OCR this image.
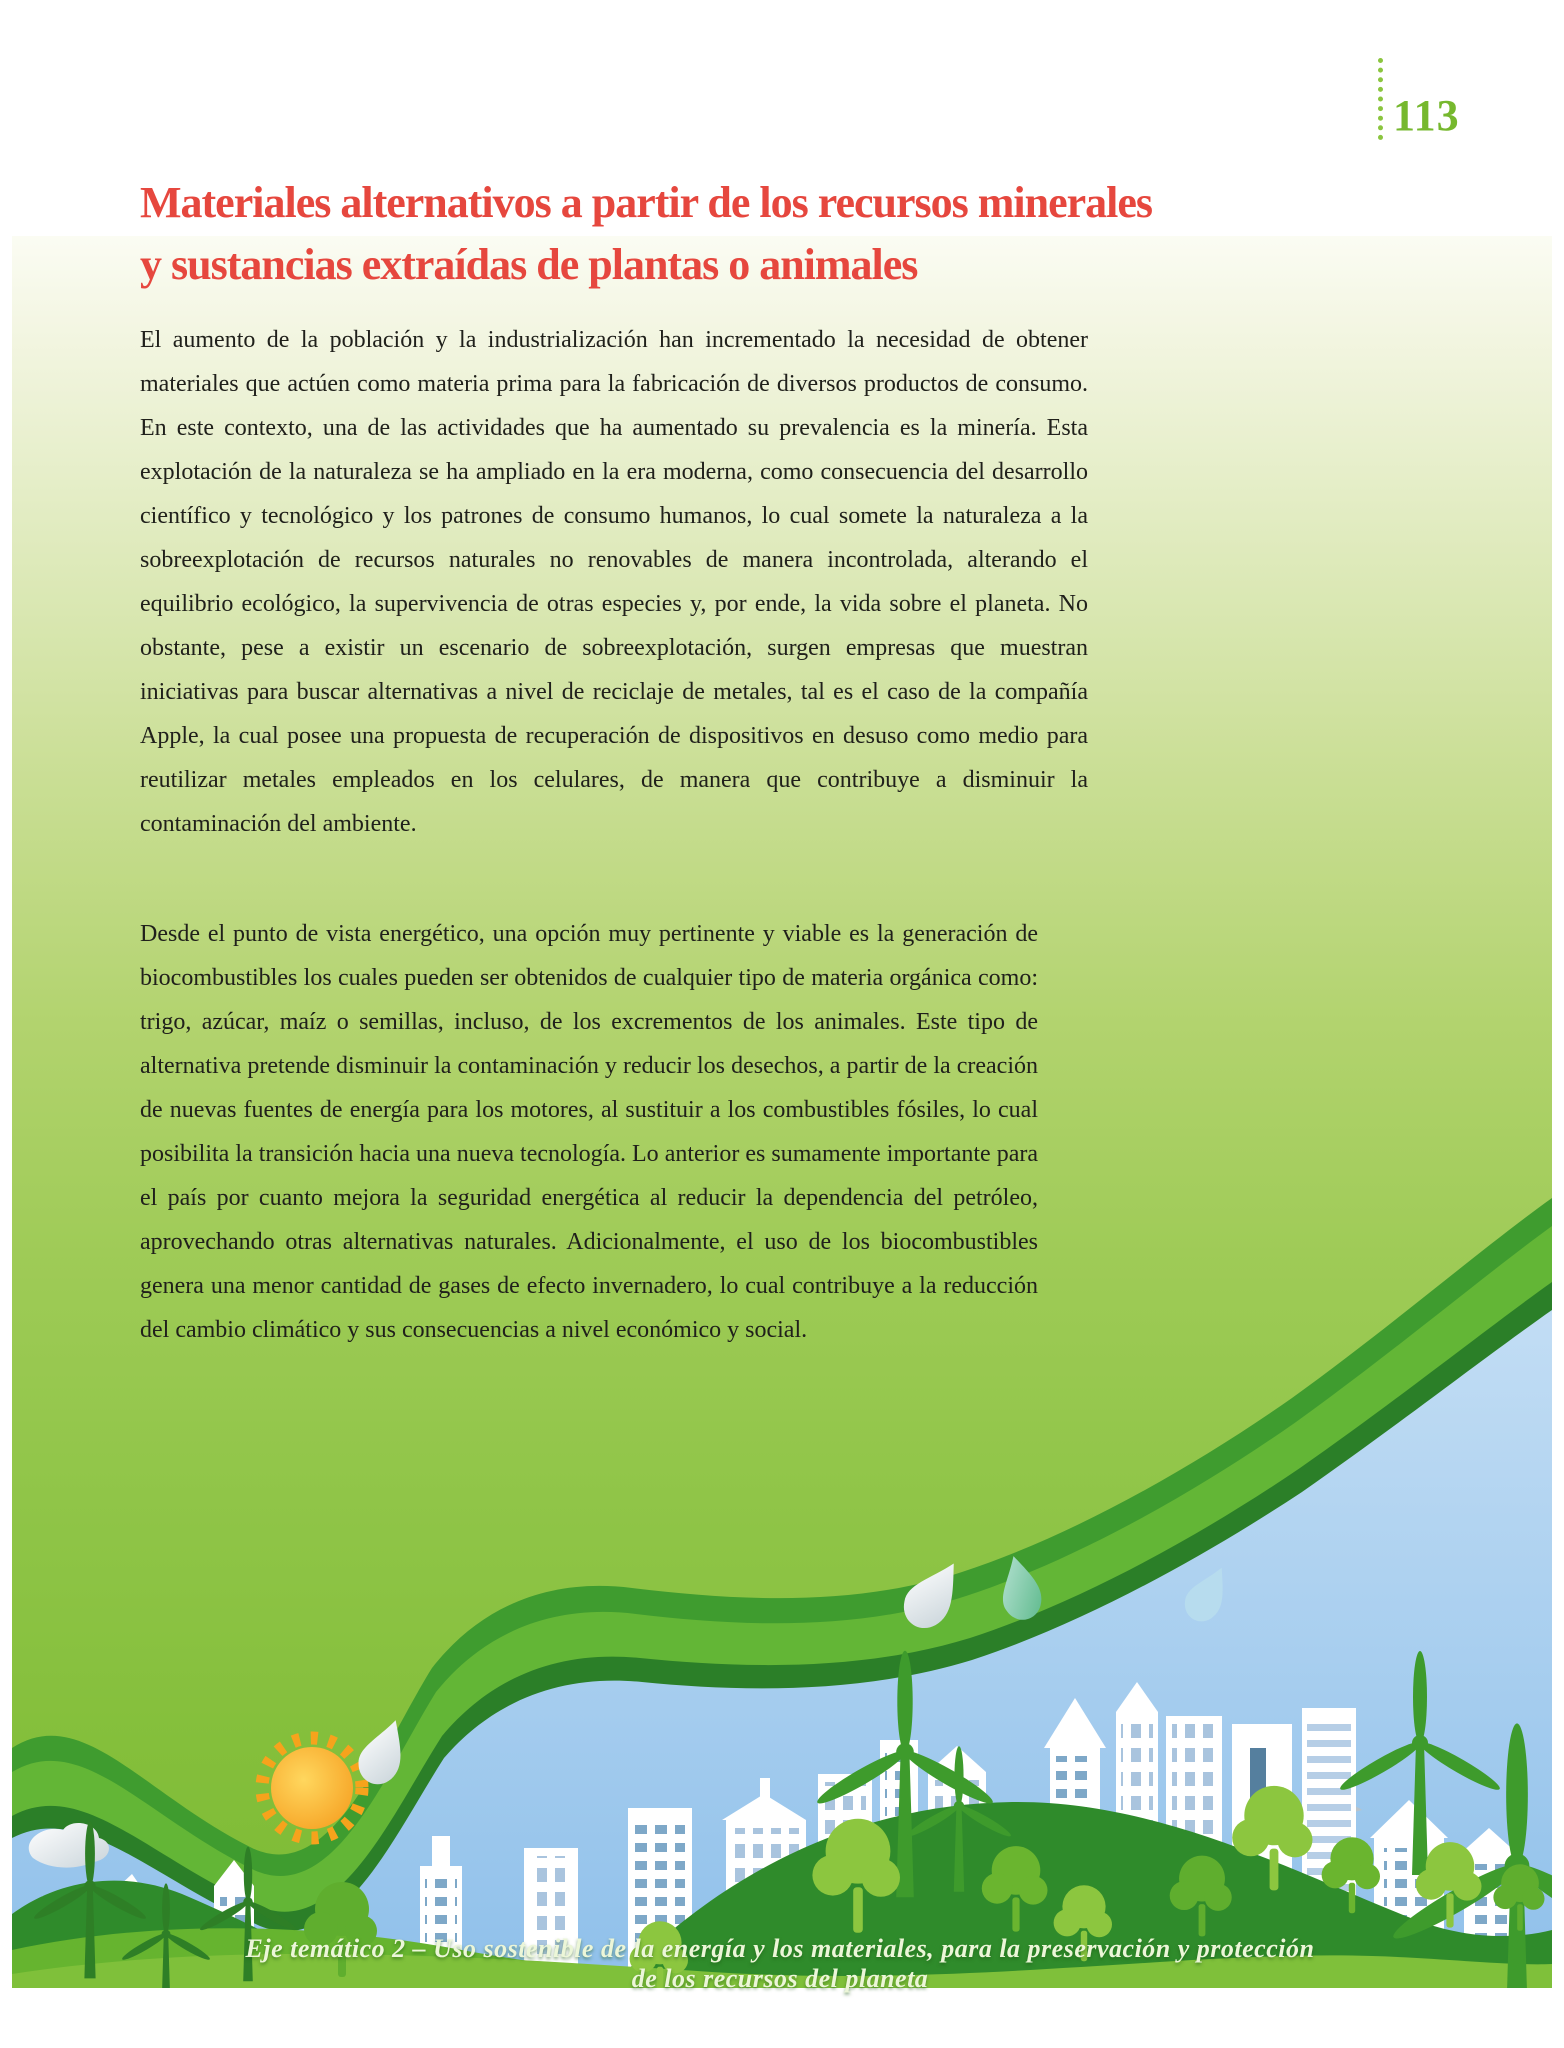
113
Materiales alternativos a partir de los recursos minerales
y sustancias extraídas de plantas o animales
El aumento de la población y la industrialización han incrementado la necesidad de obtener materiales que actúen como materia prima para la fabricación de diversos productos de consumo. En este contexto, una de las actividades que ha aumentado su prevalencia es la minería. Esta explotación de la naturaleza se ha ampliado en la era moderna, como consecuencia del desarrollo científico y tecnológico y los patrones de consumo humanos, lo cual somete la naturaleza a la sobreexplotación de recursos naturales no renovables de manera incontrolada, alterando el equilibrio ecológico, la supervivencia de otras especies y, por ende, la vida sobre el planeta. No obstante, pese a existir un escenario de sobreexplotación, surgen empresas que muestran iniciativas para buscar alternativas a nivel de reciclaje de metales, tal es el caso de la compañía Apple, la cual posee una propuesta de recuperación de dispositivos en desuso como medio para reutilizar metales empleados en los celulares, de manera que contribuye a disminuir la contaminación del ambiente.
Desde el punto de vista energético, una opción muy pertinente y viable es la generación de biocombustibles los cuales pueden ser obtenidos de cualquier tipo de materia orgánica como: trigo, azúcar, maíz o semillas, incluso, de los excrementos de los animales. Este tipo de alternativa pretende disminuir la contaminación y reducir los desechos, a partir de la creación de nuevas fuentes de energía para los motores, al sustituir a los combustibles fósiles, lo cual posibilita la transición hacia una nueva tecnología. Lo anterior es sumamente importante para el país por cuanto mejora la seguridad energética al reducir la dependencia del petróleo, aprovechando otras alternativas naturales. Adicionalmente, el uso de los biocombustibles genera una menor cantidad de gases de efecto invernadero, lo cual contribuye a la reducción del cambio climático y sus consecuencias a nivel económico y social.
Eje temático 2 – Uso sostenible de la energía y los materiales, para la preservación y protección de los recursos del planeta
